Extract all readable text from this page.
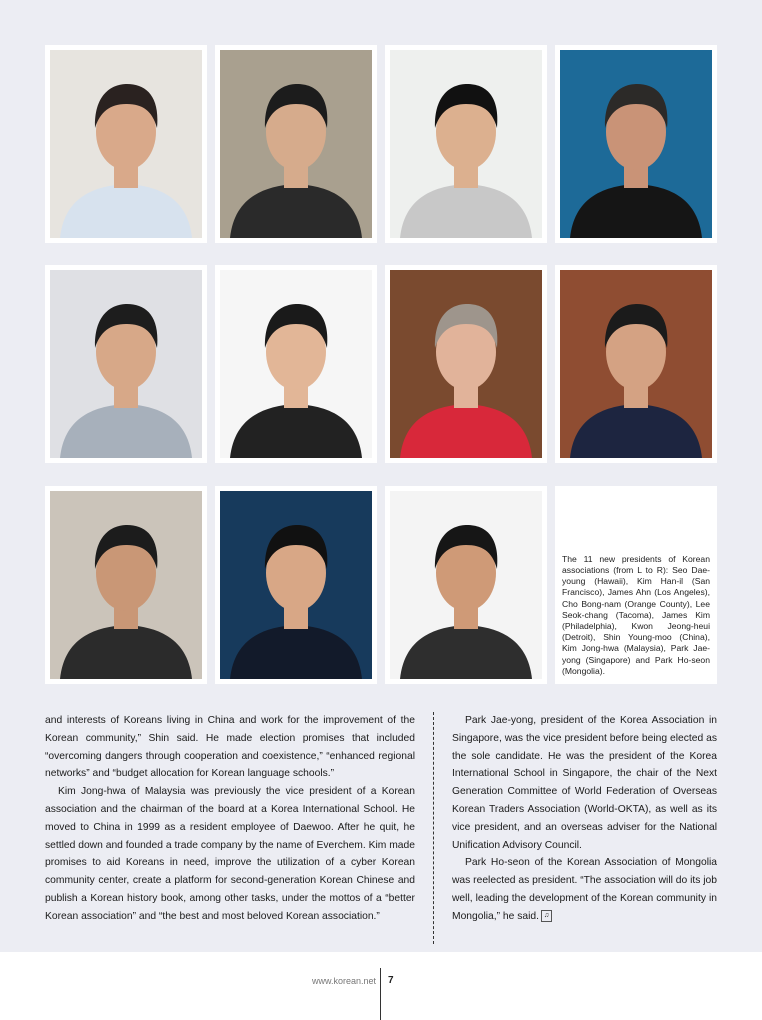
The 11 new presidents of Korean associations (from L to R): Seo Dae-young (Hawaii), Kim Han-il (San Francisco), James Ahn (Los Angeles), Cho Bong-nam (Orange County), Lee Seok-chang (Tacoma), James Kim (Philadelphia), Kwon Jeong-heui (Detroit), Shin Young-moo (China), Kim Jong-hwa (Malaysia), Park Jae-yong (Singapore) and Park Ho-seon (Mongolia).

and interests of Koreans living in China and work for the improvement of the Korean community,” Shin said. He made election promises that included “overcoming dangers through cooperation and coexistence,” “enhanced regional networks” and “budget allocation for Korean language schools.”

Kim Jong-hwa of Malaysia was previously the vice president of a Korean association and the chairman of the board at a Korea International School. He moved to China in 1999 as a resident employee of Daewoo. After he quit, he settled down and founded a trade company by the name of Everchem. Kim made promises to aid Koreans in need, improve the utilization of a cyber Korean community center, create a platform for second-generation Korean Chinese and publish a Korean history book, among other tasks, under the mottos of a “better Korean association” and “the best and most beloved Korean association.”

Park Jae-yong, president of the Korea Association in Singapore, was the vice president before being elected as the sole candidate. He was the president of the Korea International School in Singapore, the chair of the Next Generation Committee of World Federation of Overseas Korean Traders Association (World-OKTA), as well as its vice president, and an overseas adviser for the National Unification Advisory Council.

Park Ho-seon of the Korean Association of Mongolia was reelected as president. “The association will do its job well, leading the development of the Korean community in Mongolia,” he said. ♫

www.korean.net 7
